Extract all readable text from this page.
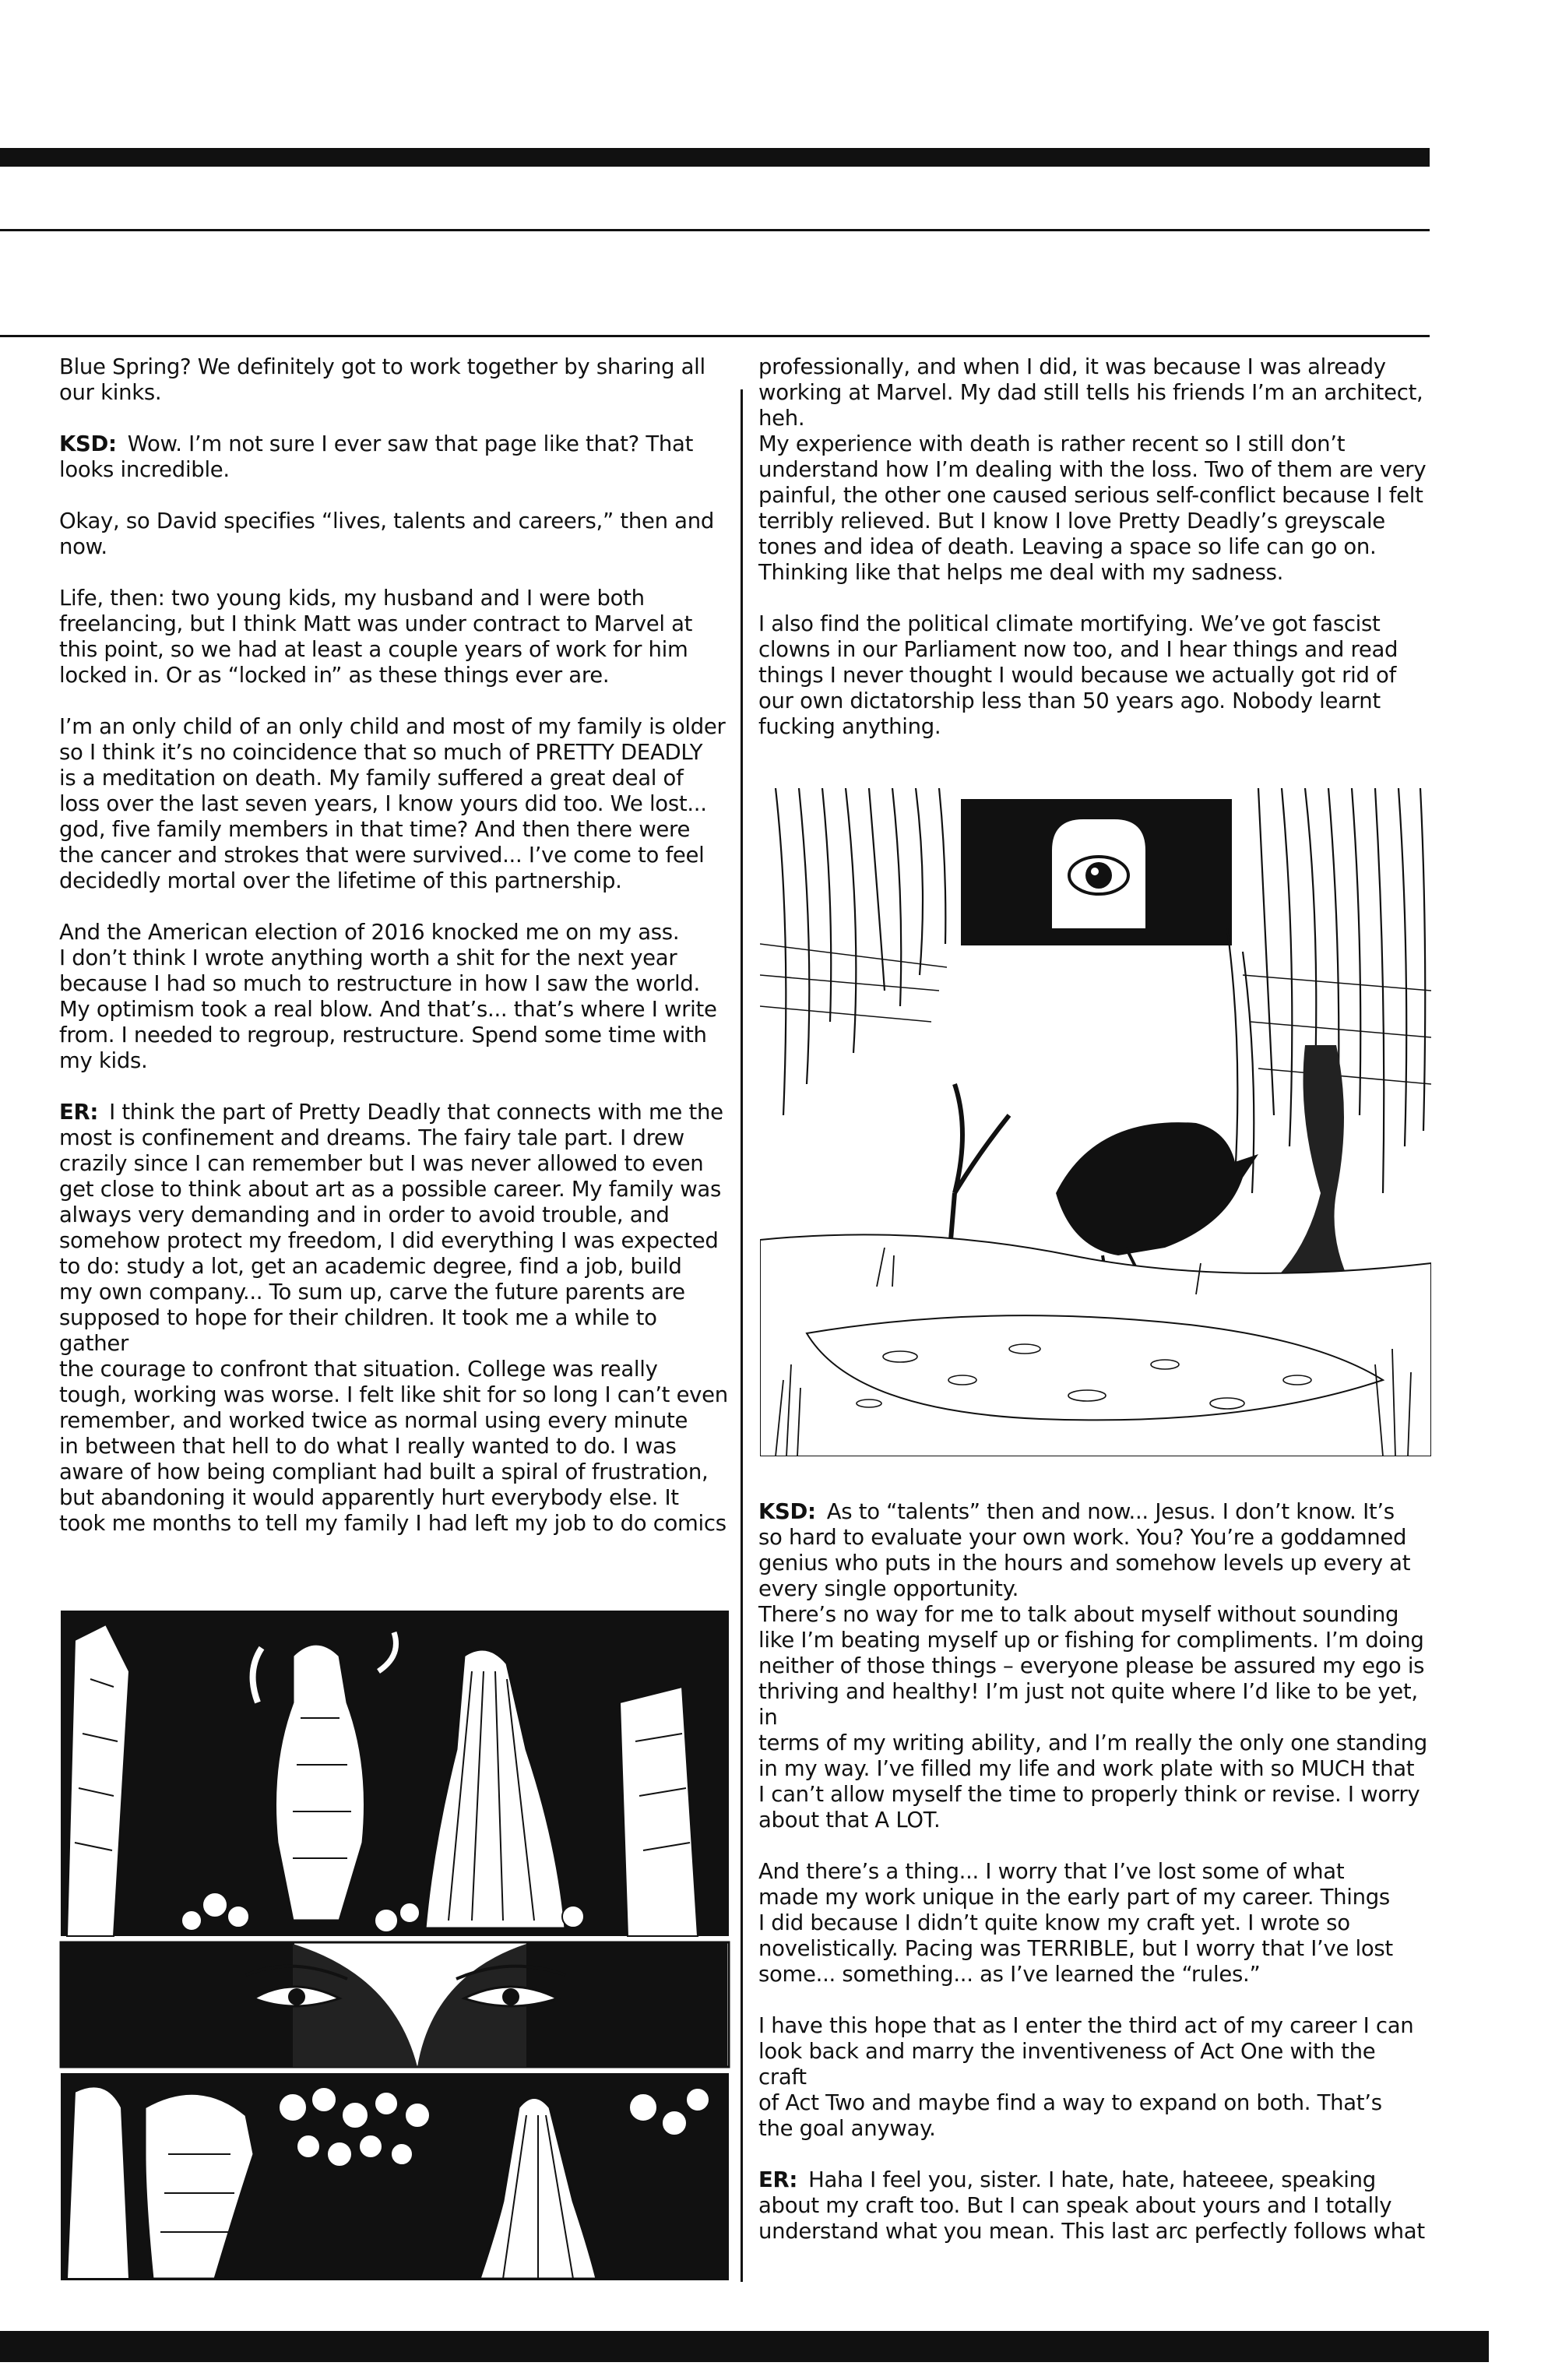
Blue Spring? We definitely got to work together by sharing all
our kinks.

KSD: Wow. I’m not sure I ever saw that page like that? That
looks incredible.

Okay, so David specifies “lives, talents and careers,” then and
now.

Life, then: two young kids, my husband and I were both
freelancing, but I think Matt was under contract to Marvel at
this point, so we had at least a couple years of work for him
locked in. Or as “locked in” as these things ever are.

I’m an only child of an only child and most of my family is older
so I think it’s no coincidence that so much of PRETTY DEADLY
is a meditation on death. My family suffered a great deal of
loss over the last seven years, I know yours did too. We lost...
god, five family members in that time? And then there were
the cancer and strokes that were survived... I’ve come to feel
decidedly mortal over the lifetime of this partnership.

And the American election of 2016 knocked me on my ass.
I don’t think I wrote anything worth a shit for the next year
because I had so much to restructure in how I saw the world.
My optimism took a real blow. And that’s... that’s where I write
from. I needed to regroup, restructure. Spend some time with
my kids.

ER: I think the part of Pretty Deadly that connects with me the
most is confinement and dreams. The fairy tale part. I drew
crazily since I can remember but I was never allowed to even
get close to think about art as a possible career. My family was
always very demanding and in order to avoid trouble, and
somehow protect my freedom, I did everything I was expected
to do: study a lot, get an academic degree, find a job, build
my own company... To sum up, carve the future parents are
supposed to hope for their children. It took me a while to gather
the courage to confront that situation. College was really
tough, working was worse. I felt like shit for so long I can’t even
remember, and worked twice as normal using every minute
in between that hell to do what I really wanted to do. I was
aware of how being compliant had built a spiral of frustration,
but abandoning it would apparently hurt everybody else. It
took me months to tell my family I had left my job to do comics

professionally, and when I did, it was because I was already
working at Marvel. My dad still tells his friends I’m an architect,
heh.

My experience with death is rather recent so I still don’t
understand how I’m dealing with the loss. Two of them are very
painful, the other one caused serious self-conflict because I felt
terribly relieved. But I know I love Pretty Deadly’s greyscale
tones and idea of death. Leaving a space so life can go on.
Thinking like that helps me deal with my sadness.

I also find the political climate mortifying. We’ve got fascist
clowns in our Parliament now too, and I hear things and read
things I never thought I would because we actually got rid of
our own dictatorship less than 50 years ago. Nobody learnt
fucking anything.

KSD: As to “talents” then and now... Jesus. I don’t know. It’s
so hard to evaluate your own work. You? You’re a goddamned
genius who puts in the hours and somehow levels up every at
every single opportunity.

There’s no way for me to talk about myself without sounding
like I’m beating myself up or fishing for compliments. I’m doing
neither of those things – everyone please be assured my ego is
thriving and healthy! I’m just not quite where I’d like to be yet, in
terms of my writing ability, and I’m really the only one standing
in my way. I’ve filled my life and work plate with so MUCH that
I can’t allow myself the time to properly think or revise. I worry
about that A LOT.

And there’s a thing... I worry that I’ve lost some of what
made my work unique in the early part of my career. Things
I did because I didn’t quite know my craft yet. I wrote so
novelistically. Pacing was TERRIBLE, but I worry that I’ve lost
some... something... as I’ve learned the “rules.”

I have this hope that as I enter the third act of my career I can
look back and marry the inventiveness of Act One with the craft
of Act Two and maybe find a way to expand on both. That’s
the goal anyway.

ER: Haha I feel you, sister. I hate, hate, hateeee, speaking
about my craft too. But I can speak about yours and I totally
understand what you mean. This last arc perfectly follows what
